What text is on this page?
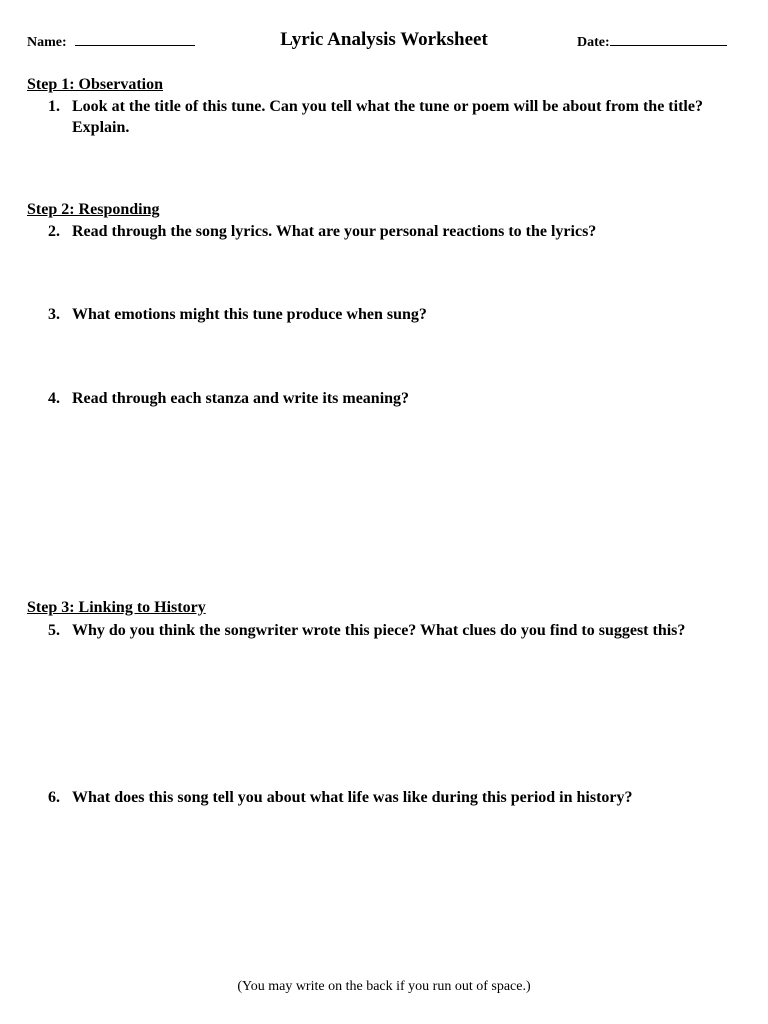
Name:	Lyric Analysis Worksheet	Date:
Step 1: Observation
1. Look at the title of this tune. Can you tell what the tune or poem will be about from the title? Explain.
Step 2: Responding
2. Read through the song lyrics. What are your personal reactions to the lyrics?
3. What emotions might this tune produce when sung?
4. Read through each stanza and write its meaning?
Step 3: Linking to History
5. Why do you think the songwriter wrote this piece? What clues do you find to suggest this?
6. What does this song tell you about what life was like during this period in history?
(You may write on the back if you run out of space.)
